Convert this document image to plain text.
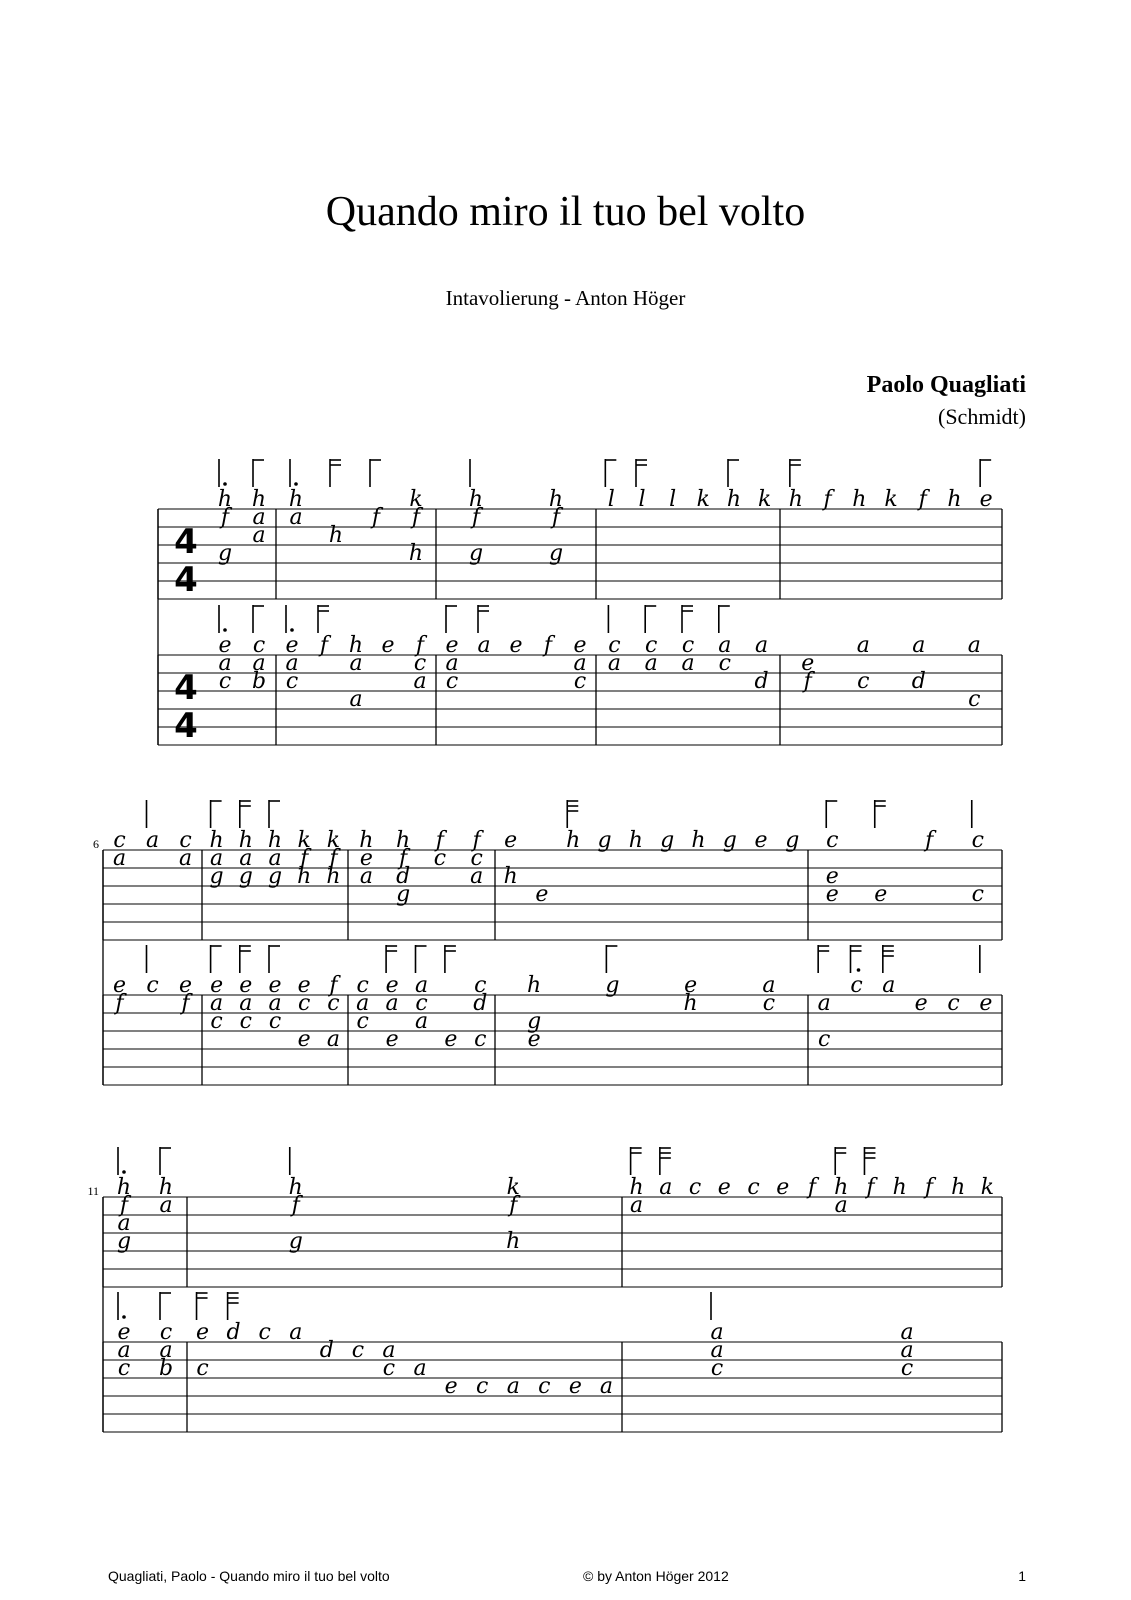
Quando miro il tuo bel volto
Intavolierung - Anton Höger
Paolo Quagliati
(Schmidt)
4
4
h
f
g
h
a
a
h
a
h
f
k
f
h
h
f
g
h
f
g
l l l k h k h f h k f h e
4
4
e
a
c
c
a
b
e
a
c
f h
a
a
e f
c
a
e
a
c
a e f e
a
c
c
a
c
a
c
a
a
c
a
d
e
f
a
c
a
d
a
c
6 c
a
a c
a
h
a
g
h
a
g
h
a
g
k
f
h
k
f
h
h
e
a
h
f
d
g
f
c
f
c
a
e
h
e
h g h g h g e g c
e
e e
f c
c
e
f
c e
f
e
a
c
e
a
c
e
a
c
e
c
e
f
c
a
c
a
c
e
a
e
a
c
a
e
c
d
c
h
g
e
g	e
h
a
c a
c
c a
e c e
11 h
f
a
g
h
a
h
f
g
k
f
h
h
a
a c e c e f h
a
f h f h k
e
a
c
c
a
b
e
c
d c a
d c a
c a
e c a c e a
a
a
c
a
a
c
Quagliati, Paolo - Quando miro il tuo bel volto	© by Anton Höger 2012	1
